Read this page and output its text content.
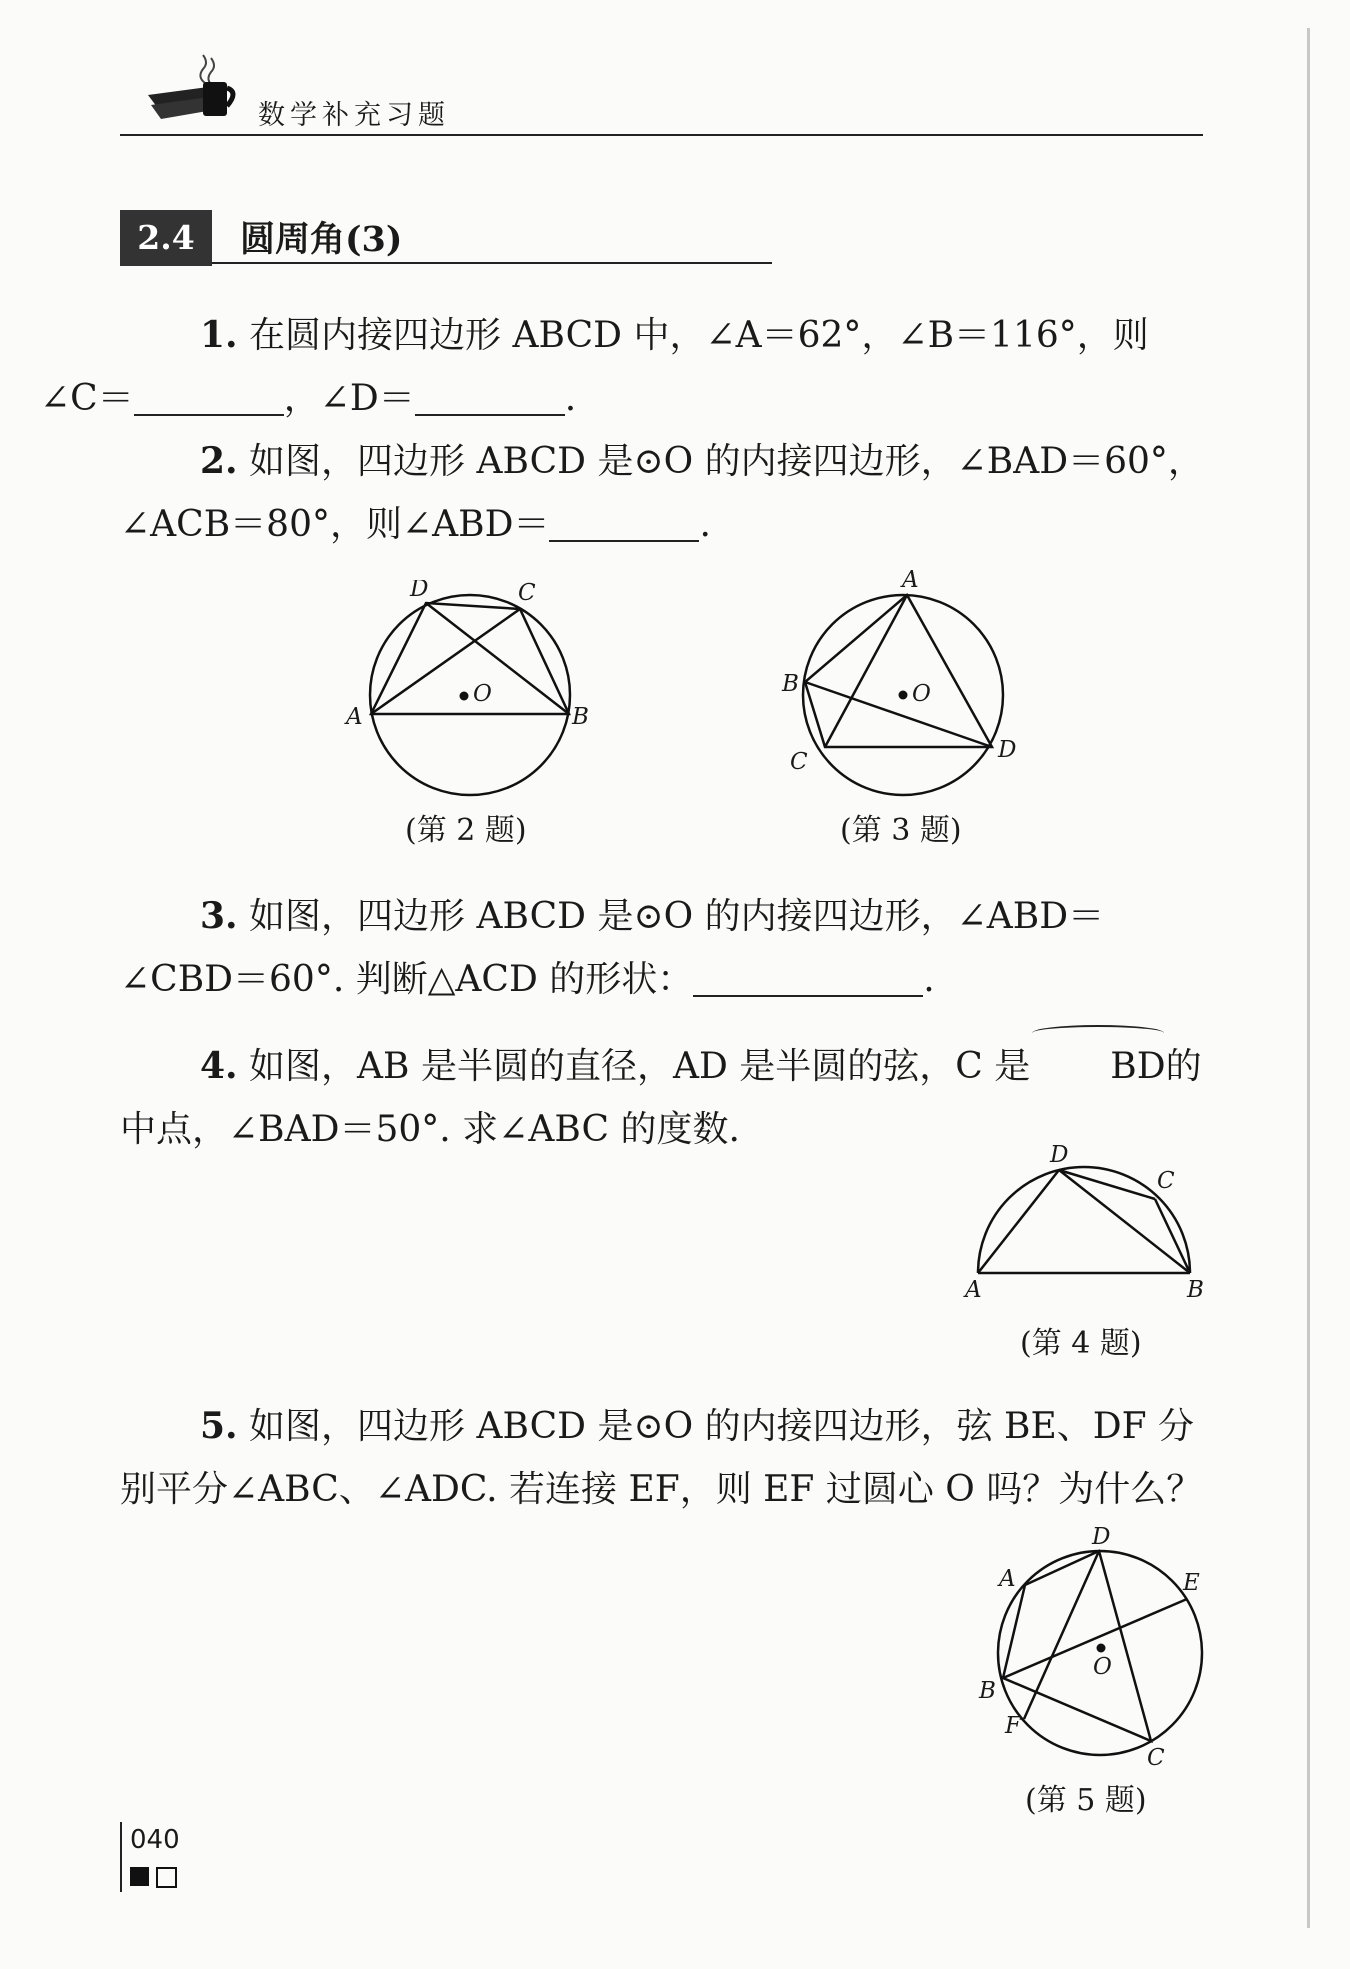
数学补充习题
2.4	圆周角(3)
1. 在圆内接四边形 ABCD 中，∠A＝62°，∠B＝116°，则
∠C＝	，∠D＝	.
2. 如图，四边形 ABCD 是⊙O 的内接四边形，∠BAD＝60°，∠ACB＝80°，则∠ABD＝	.
O
A	B
C
D
(第 2 题)
O
A
B
C	D
(第 3 题)
3. 如图，四边形 ABCD 是⊙O 的内接四边形，∠ABD＝∠CBD＝60°. 判断△ACD 的形状：	.
4. 如图，AB 是半圆的直径，AD 是半圆的弦，C 是 BD的中点，∠BAD＝50°. 求∠ABC 的度数.
A	B
C
D
(第 4 题)
5. 如图，四边形 ABCD 是⊙O 的内接四边形，弦 BE、DF 分别平分∠ABC、∠ADC. 若连接 EF，则 EF 过圆心 O 吗？为什么？
O
A
B
C
D
E
F
(第 5 题)
040
